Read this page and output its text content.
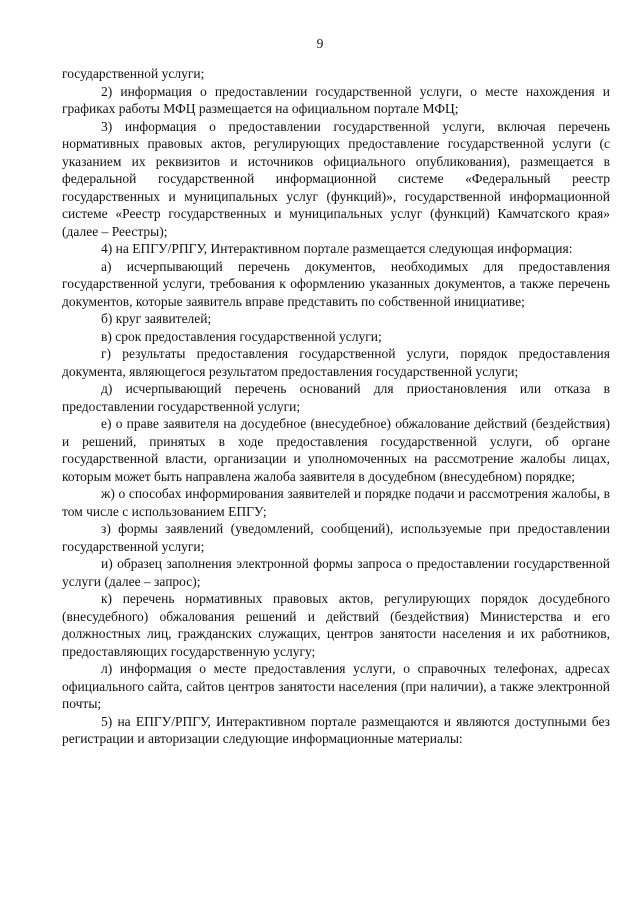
9

государственной услуги;

2) информация о предоставлении государственной услуги, о месте нахождения и графиках работы МФЦ размещается на официальном портале МФЦ;

3) информация о предоставлении государственной услуги, включая перечень нормативных правовых актов, регулирующих предоставление государственной услуги (с указанием их реквизитов и источников официального опубликования), размещается в федеральной государственной информационной системе «Федеральный реестр государственных и муниципальных услуг (функций)», государственной информационной системе «Реестр государственных и муниципальных услуг (функций) Камчатского края» (далее – Реестры);

4) на ЕПГУ/РПГУ, Интерактивном портале размещается следующая информация:

а) исчерпывающий перечень документов, необходимых для предоставления государственной услуги, требования к оформлению указанных документов, а также перечень документов, которые заявитель вправе представить по собственной инициативе;

б) круг заявителей;

в) срок предоставления государственной услуги;

г) результаты предоставления государственной услуги, порядок предоставления документа, являющегося результатом предоставления государственной услуги;

д) исчерпывающий перечень оснований для приостановления или отказа в предоставлении государственной услуги;

е) о праве заявителя на досудебное (внесудебное) обжалование действий (бездействия) и решений, принятых в ходе предоставления государственной услуги, об органе государственной власти, организации и уполномоченных на рассмотрение жалобы лицах, которым может быть направлена жалоба заявителя в досудебном (внесудебном) порядке;

ж) о способах информирования заявителей и порядке подачи и рассмотрения жалобы, в том числе с использованием ЕПГУ;

з) формы заявлений (уведомлений, сообщений), используемые при предоставлении государственной услуги;

и) образец заполнения электронной формы запроса о предоставлении государственной услуги (далее – запрос);

к) перечень нормативных правовых актов, регулирующих порядок досудебного (внесудебного) обжалования решений и действий (бездействия) Министерства и его должностных лиц, гражданских служащих, центров занятости населения и их работников, предоставляющих государственную услугу;

л) информация о месте предоставления услуги, о справочных телефонах, адресах официального сайта, сайтов центров занятости населения (при наличии), а также электронной почты;

5) на ЕПГУ/РПГУ, Интерактивном портале размещаются и являются доступными без регистрации и авторизации следующие информационные материалы:
